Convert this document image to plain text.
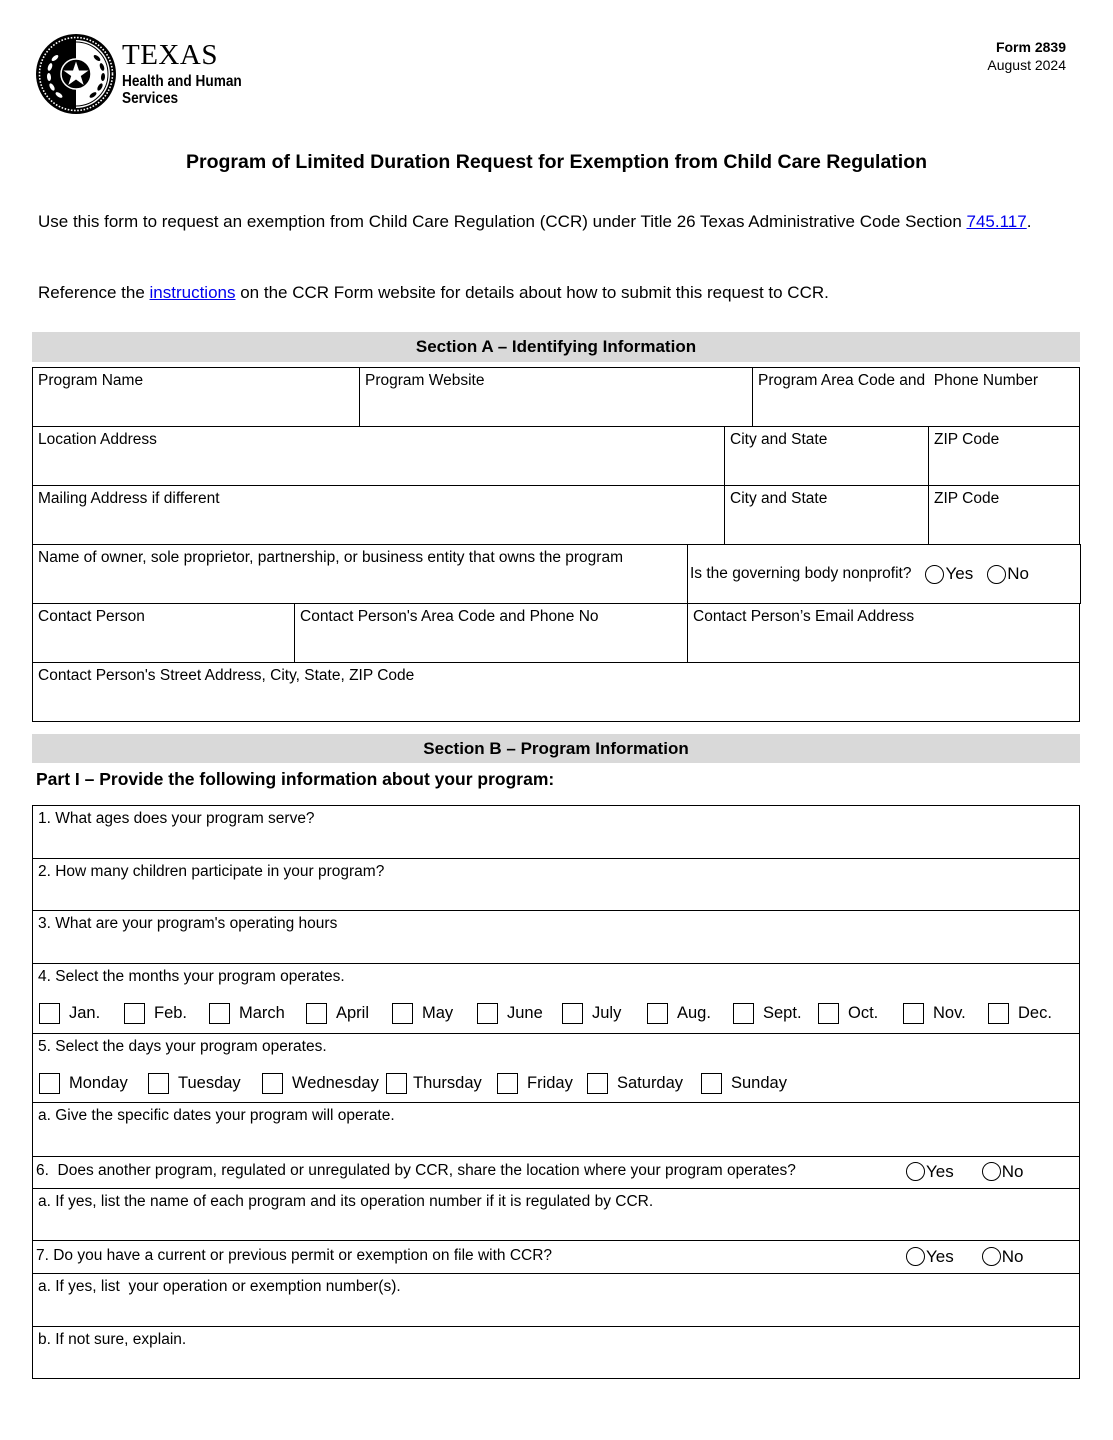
TEXAS
Health and Human
Services
Form 2839
August 2024
Program of Limited Duration Request for Exemption from Child Care Regulation
Use this form to request an exemption from Child Care Regulation (CCR) under Title 26 Texas Administrative Code Section 745.117.
Reference the instructions on the CCR Form website for details about how to submit this request to CCR.
Section A – Identifying Information
Program Name	Program Website	Program Area Code and  Phone Number
Location Address	City and State	ZIP Code
Mailing Address if different	City and State	ZIP Code
Name of owner, sole proprietor, partnership, or business entity that owns the program
Is the governing body nonprofit? Yes No
Contact Person	Contact Person's Area Code and Phone No	Contact Person’s Email Address
Contact Person's Street Address, City, State, ZIP Code
Section B – Program Information
Part I – Provide the following information about your program:
1. What ages does your program serve?
2. How many children participate in your program?
3. What are your program's operating hours
4. Select the months your program operates.
Jan.	Feb.	March	April	May	June	July	Aug.	Sept.	Oct.	Nov.	Dec.
5. Select the days your program operates.
Monday	Tuesday	Wednesday Thursday	Friday	Saturday	Sunday
a. Give the specific dates your program will operate.
6.  Does another program, regulated or unregulated by CCR, share the location where your program operates?	Yes	No
a. If yes, list the name of each program and its operation number if it is regulated by CCR.
7. Do you have a current or previous permit or exemption on file with CCR?	Yes	No
a. If yes, list  your operation or exemption number(s).
b. If not sure, explain.
